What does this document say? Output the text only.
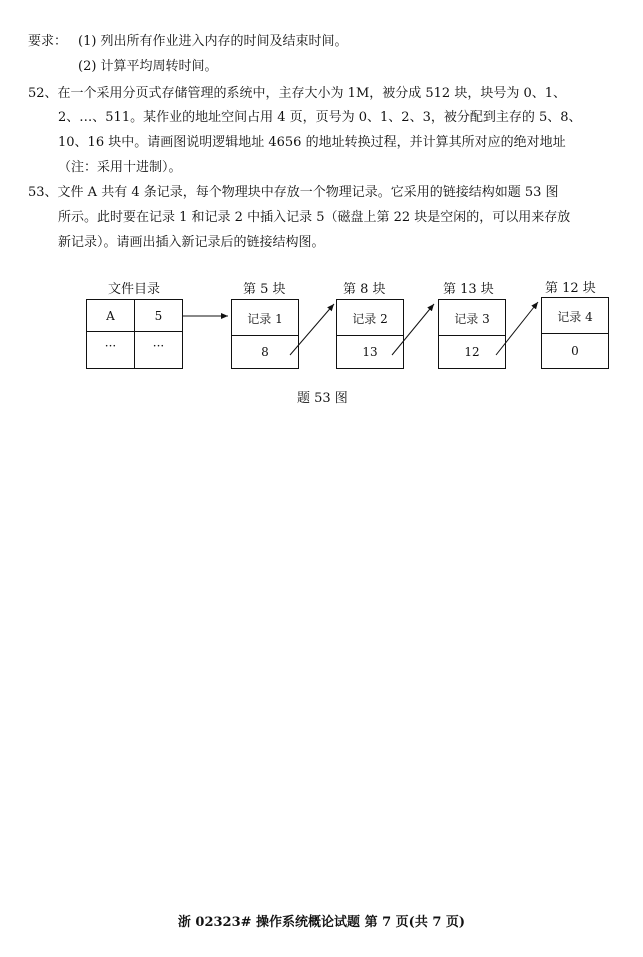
要求： (1) 列出所有作业进入内存的时间及结束时间。
(2) 计算平均周转时间。
52、在一个采用分页式存储管理的系统中，主存大小为 1M，被分成 512 块，块号为 0、1、
2、…、511。某作业的地址空间占用 4 页，页号为 0、1、2、3，被分配到主存的 5、8、
10、16 块中。请画图说明逻辑地址 4656 的地址转换过程，并计算其所对应的绝对地址
（注：采用十进制）。
53、文件 A 共有 4 条记录，每个物理块中存放一个物理记录。它采用的链接结构如题 53 图
所示。此时要在记录 1 和记录 2 中插入记录 5（磁盘上第 22 块是空闲的，可以用来存放
新记录）。请画出插入新记录后的链接结构图。
文件目录
A	5
···	···
第 5 块
记录 1
8
第 8 块
记录 2
13
第 13 块
记录 3
12
第 12 块
记录 4
0
题 53 图
浙 02323# 操作系统概论试题 第 7 页(共 7 页)
